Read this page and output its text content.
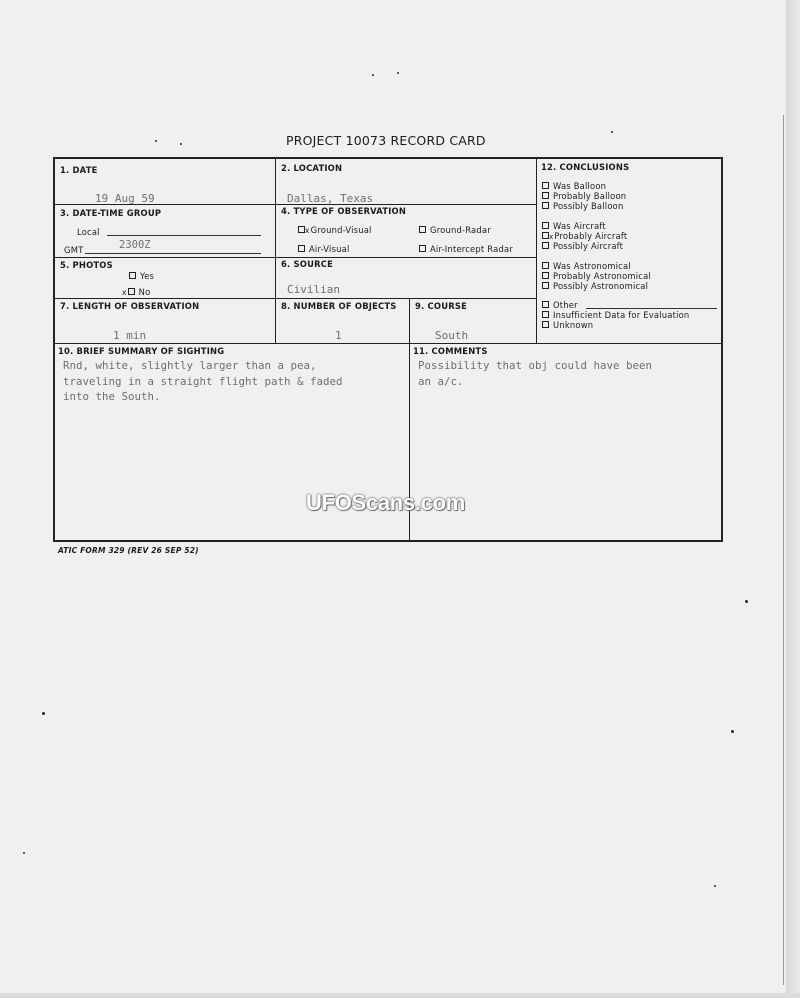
PROJECT 10073 RECORD CARD
1. DATE
19 Aug 59
2. LOCATION
Dallas, Texas
3. DATE-TIME GROUP
Local
GMT	2300Z
4. TYPE OF OBSERVATION
xGround-Visual	Ground-Radar
Air-Visual	Air-Intercept Radar
5. PHOTOS
Yes
x No
6. SOURCE
Civilian
7. LENGTH OF OBSERVATION
1 min
8. NUMBER OF OBJECTS
1
9. COURSE
South
10. BRIEF SUMMARY OF SIGHTING
Rnd, white, slightly larger than a pea,
traveling in a straight flight path & faded
into the South.
11. COMMENTS
Possibility that obj could have been
an a/c.
12. CONCLUSIONS
Was Balloon
Probably Balloon
Possibly Balloon
Was Aircraft
xProbably Aircraft
Possibly Aircraft
Was Astronomical
Probably Astronomical
Possibly Astronomical
Other
Insufficient Data for Evaluation
Unknown
ATIC FORM 329 (REV 26 SEP 52)
UFOScans.com
